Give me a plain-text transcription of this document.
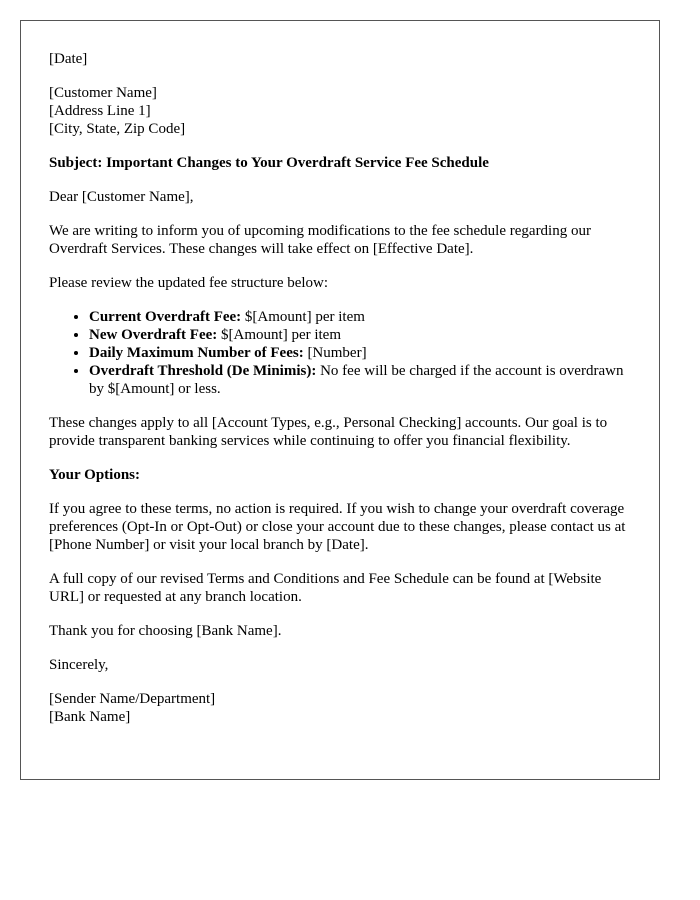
[Date]

[Customer Name]

[Address Line 1]

[City, State, Zip Code]

Subject: Important Changes to Your Overdraft Service Fee Schedule

Dear [Customer Name],

We are writing to inform you of upcoming modifications to the fee schedule regarding our Overdraft Services. These changes will take effect on [Effective Date].

Please review the updated fee structure below:

• Current Overdraft Fee: $[Amount] per item
• New Overdraft Fee: $[Amount] per item
• Daily Maximum Number of Fees: [Number]
• Overdraft Threshold (De Minimis): No fee will be charged if the account is overdrawn by $[Amount] or less.

These changes apply to all [Account Types, e.g., Personal Checking] accounts. Our goal is to provide transparent banking services while continuing to offer you financial flexibility.

Your Options:

If you agree to these terms, no action is required. If you wish to change your overdraft coverage preferences (Opt-In or Opt-Out) or close your account due to these changes, please contact us at [Phone Number] or visit your local branch by [Date].

A full copy of our revised Terms and Conditions and Fee Schedule can be found at [Website URL] or requested at any branch location.

Thank you for choosing [Bank Name].

Sincerely,

[Sender Name/Department]

[Bank Name]
